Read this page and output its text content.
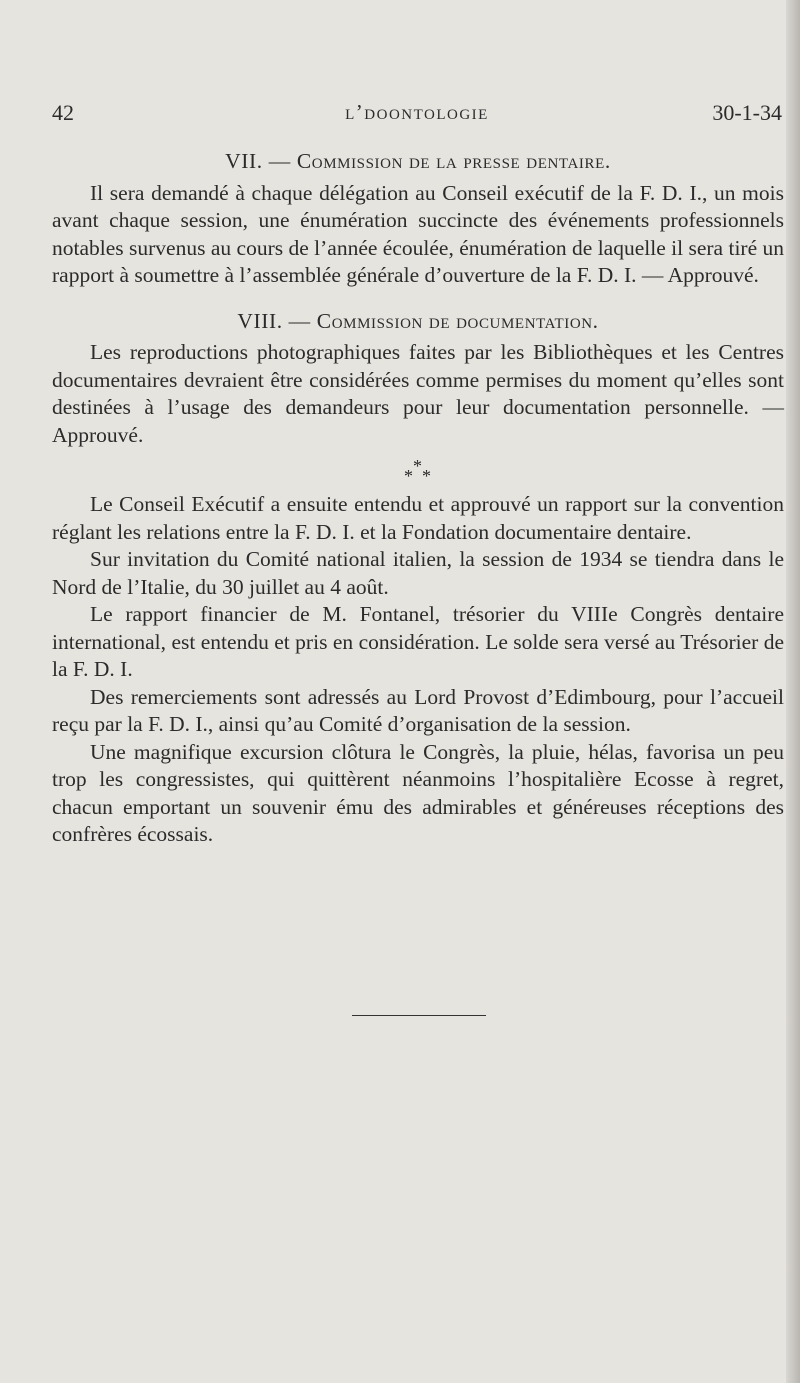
42	l’doontologie	30-1-34
VII. — Commission de la presse dentaire.

Il sera demandé à chaque délégation au Conseil exécutif de la F. D. I., un mois avant chaque session, une énumération succincte des événements professionnels notables survenus au cours de l’année écoulée, énumération de laquelle il sera tiré un rapport à soumettre à l’assemblée générale d’ouverture de la F. D. I. — Approuvé.

VIII. — Commission de documentation.

Les reproductions photographiques faites par les Bibliothèques et les Centres documentaires devraient être considérées comme permises du moment qu’elles sont destinées à l’usage des demandeurs pour leur documentation personnelle. — Approuvé.

*
* *

Le Conseil Exécutif a ensuite entendu et approuvé un rapport sur la convention réglant les relations entre la F. D. I. et la Fondation documentaire dentaire.

Sur invitation du Comité national italien, la session de 1934 se tiendra dans le Nord de l’Italie, du 30 juillet au 4 août.

Le rapport financier de M. Fontanel, trésorier du VIIIe Congrès dentaire international, est entendu et pris en considération. Le solde sera versé au Trésorier de la F. D. I.

Des remerciements sont adressés au Lord Provost d’Edimbourg, pour l’accueil reçu par la F. D. I., ainsi qu’au Comité d’organisation de la session.

Une magnifique excursion clôtura le Congrès, la pluie, hélas, favorisa un peu trop les congressistes, qui quittèrent néanmoins l’hospitalière Ecosse à regret, chacun emportant un souvenir ému des admirables et généreuses réceptions des confrères écossais.
